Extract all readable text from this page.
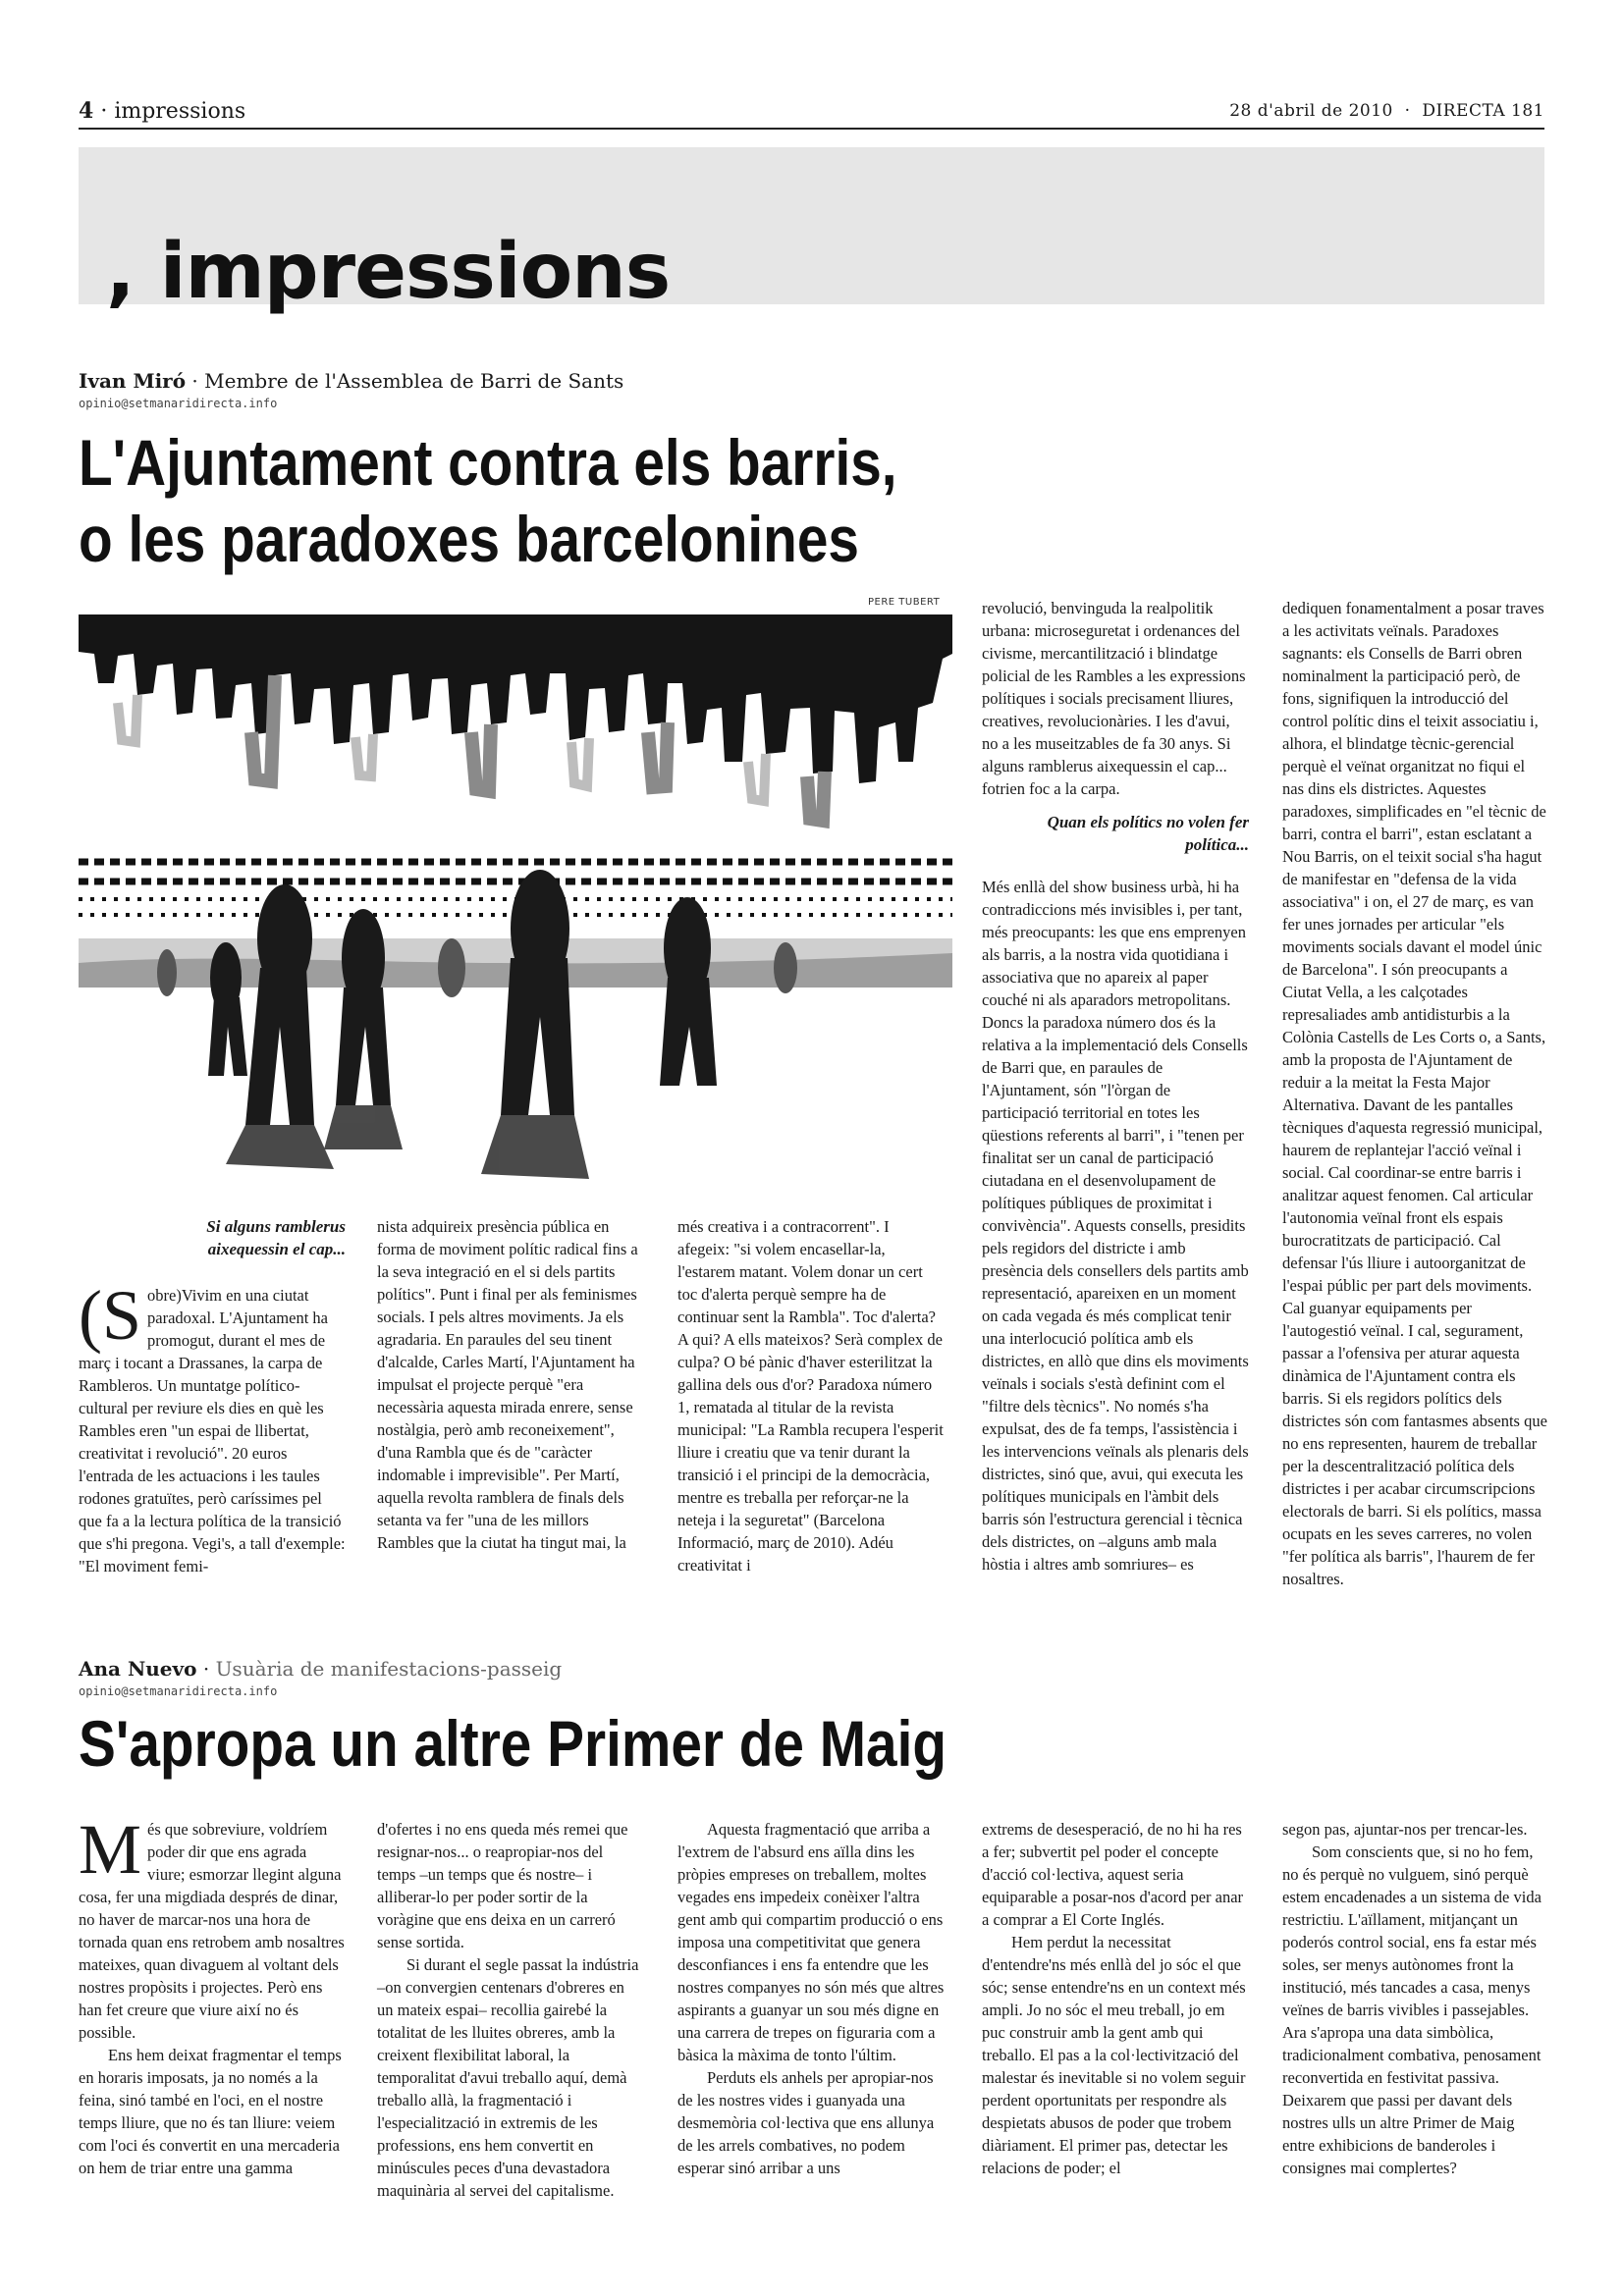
4 · impressions	28 d'abril de 2010 · DIRECTA 181
, impressions
Ivan Miró · Membre de l'Assemblea de Barri de Sants
opinio@setmanaridirecta.info
L'Ajuntament contra els barris,
o les paradoxes barcelonines
PERE TUBERT
Si alguns ramblerus aixequessin el cap...
(S obre)Vivim en una ciutat paradoxal. L'Ajuntament ha promogut, durant el mes de març i tocant a Drassanes, la carpa de Rambleros. Un muntatge político-cultural per reviure els dies en què les Rambles eren "un espai de llibertat, creativitat i revolució". 20 euros l'entrada de les actuacions i les taules rodones gratuïtes, però caríssimes pel que fa a la lectura política de la transició que s'hi pregona. Vegi's, a tall d'exemple: "El moviment femi-
nista adquireix presència pública en forma de moviment polític radical fins a la seva integració en el si dels partits polítics". Punt i final per als feminismes socials. I pels altres moviments. Ja els agradaria. En paraules del seu tinent d'alcalde, Carles Martí, l'Ajuntament ha impulsat el projecte perquè "era necessària aquesta mirada enrere, sense nostàlgia, però amb reconeixement", d'una Rambla que és de "caràcter indomable i imprevisible". Per Martí, aquella revolta ramblera de finals dels setanta va fer "una de les millors Rambles que la ciutat ha tingut mai, la
més creativa i a contracorrent". I afegeix: "si volem encasellar-la, l'estarem matant. Volem donar un cert toc d'alerta perquè sempre ha de continuar sent la Rambla". Toc d'alerta? A qui? A ells mateixos? Serà complex de culpa? O bé pànic d'haver esterilitzat la gallina dels ous d'or? Paradoxa número 1, rematada al titular de la revista municipal: "La Rambla recupera l'esperit lliure i creatiu que va tenir durant la transició i el principi de la democràcia, mentre es treballa per reforçar-ne la neteja i la seguretat" (Barcelona Informació, març de 2010). Adéu creativitat i
revolució, benvinguda la realpolitik urbana: microseguretat i ordenances del civisme, mercantilització i blindatge policial de les Rambles a les expressions polítiques i socials precisament lliures, creatives, revolucionàries. I les d'avui, no a les museitzables de fa 30 anys. Si alguns ramblerus aixequessin el cap... fotrien foc a la carpa.
Quan els polítics no volen fer política...
Més enllà del show business urbà, hi ha contradiccions més invisibles i, per tant, més preocupants: les que ens emprenyen als barris, a la nostra vida quotidiana i associativa que no apareix al paper couché ni als aparadors metropolitans. Doncs la paradoxa número dos és la relativa a la implementació dels Consells de Barri que, en paraules de l'Ajuntament, són "l'òrgan de participació territorial en totes les qüestions referents al barri", i "tenen per finalitat ser un canal de participació ciutadana en el desenvolupament de polítiques públiques de proximitat i convivència". Aquests consells, presidits pels regidors del districte i amb presència dels consellers dels partits amb representació, apareixen en un moment on cada vegada és més complicat tenir una interlocució política amb els districtes, en allò que dins els moviments veïnals i socials s'està definint com el "filtre dels tècnics". No només s'ha expulsat, des de fa temps, l'assistència i les intervencions veïnals als plenaris dels districtes, sinó que, avui, qui executa les polítiques municipals en l'àmbit dels barris són l'estructura gerencial i tècnica dels districtes, on –alguns amb mala hòstia i altres amb somriures– es
dediquen fonamentalment a posar traves a les activitats veïnals. Paradoxes sagnants: els Consells de Barri obren nominalment la participació però, de fons, signifiquen la introducció del control polític dins el teixit associatiu i, alhora, el blindatge tècnic-gerencial perquè el veïnat organitzat no fiqui el nas dins els districtes. Aquestes paradoxes, simplificades en "el tècnic de barri, contra el barri", estan esclatant a Nou Barris, on el teixit social s'ha hagut de manifestar en "defensa de la vida associativa" i on, el 27 de març, es van fer unes jornades per articular "els moviments socials davant el model únic de Barcelona". I són preocupants a Ciutat Vella, a les calçotades represaliades amb antidisturbis a la Colònia Castells de Les Corts o, a Sants, amb la proposta de l'Ajuntament de reduir a la meitat la Festa Major Alternativa. Davant de les pantalles tècniques d'aquesta regressió municipal, haurem de replantejar l'acció veïnal i social. Cal coordinar-se entre barris i analitzar aquest fenomen. Cal articular l'autonomia veïnal front els espais burocratitzats de participació. Cal defensar l'ús lliure i autoorganitzat de l'espai públic per part dels moviments. Cal guanyar equipaments per l'autogestió veïnal. I cal, segurament, passar a l'ofensiva per aturar aquesta dinàmica de l'Ajuntament contra els barris. Si els regidors polítics dels districtes són com fantasmes absents que no ens representen, haurem de treballar per la descentralització política dels districtes i per acabar circumscripcions electorals de barri. Si els polítics, massa ocupats en les seves carreres, no volen "fer política als barris", l'haurem de fer nosaltres.
Ana Nuevo · Usuària de manifestacions-passeig
opinio@setmanaridirecta.info
S'apropa un altre Primer de Maig
M és que sobreviure, voldríem poder dir que ens agrada viure; esmorzar llegint alguna cosa, fer una migdiada després de dinar, no haver de marcar-nos una hora de tornada quan ens retrobem amb nosaltres mateixes, quan divaguem al voltant dels nostres propòsits i projectes. Però ens han fet creure que viure així no és possible.

Ens hem deixat fragmentar el temps en horaris imposats, ja no només a la feina, sinó també en l'oci, en el nostre temps lliure, que no és tan lliure: veiem com l'oci és convertit en una mercaderia on hem de triar entre una gamma

d'ofertes i no ens queda més remei que resignar-nos... o reapropiar-nos del temps –un temps que és nostre– i alliberar-lo per poder sortir de la voràgine que ens deixa en un carreró sense sortida.

Si durant el segle passat la indústria –on convergien centenars d'obreres en un mateix espai– recollia gairebé la totalitat de les lluites obreres, amb la creixent flexibilitat laboral, la temporalitat d'avui treballo aquí, demà treballo allà, la fragmentació i l'especialització in extremis de les professions, ens hem convertit en minúscules peces d'una devastadora maquinària al servei del capitalisme.

Aquesta fragmentació que arriba a l'extrem de l'absurd ens aïlla dins les pròpies empreses on treballem, moltes vegades ens impedeix conèixer l'altra gent amb qui compartim producció o ens imposa una competitivitat que genera desconfiances i ens fa entendre que les nostres companyes no són més que altres aspirants a guanyar un sou més digne en una carrera de trepes on figuraria com a bàsica la màxima de tonto l'últim.

Perduts els anhels per apropiar-nos de les nostres vides i guanyada una desmemòria col·lectiva que ens allunya de les arrels combatives, no podem esperar sinó arribar a uns

extrems de desesperació, de no hi ha res a fer; subvertit pel poder el concepte d'acció col·lectiva, aquest seria equiparable a posar-nos d'acord per anar a comprar a El Corte Inglés.

Hem perdut la necessitat d'entendre'ns més enllà del jo sóc el que sóc; sense entendre'ns en un context més ampli. Jo no sóc el meu treball, jo em puc construir amb la gent amb qui treballo. El pas a la col·lectivització del malestar és inevitable si no volem seguir perdent oportunitats per respondre als despietats abusos de poder que trobem diàriament. El primer pas, detectar les relacions de poder; el

segon pas, ajuntar-nos per trencar-les.

Som conscients que, si no ho fem, no és perquè no vulguem, sinó perquè estem encadenades a un sistema de vida restrictiu. L'aïllament, mitjançant un poderós control social, ens fa estar més soles, ser menys autònomes front la institució, més tancades a casa, menys veïnes de barris vivibles i passejables. Ara s'apropa una data simbòlica, tradicionalment combativa, penosament reconvertida en festivitat passiva. Deixarem que passi per davant dels nostres ulls un altre Primer de Maig entre exhibicions de banderoles i consignes mai complertes?
